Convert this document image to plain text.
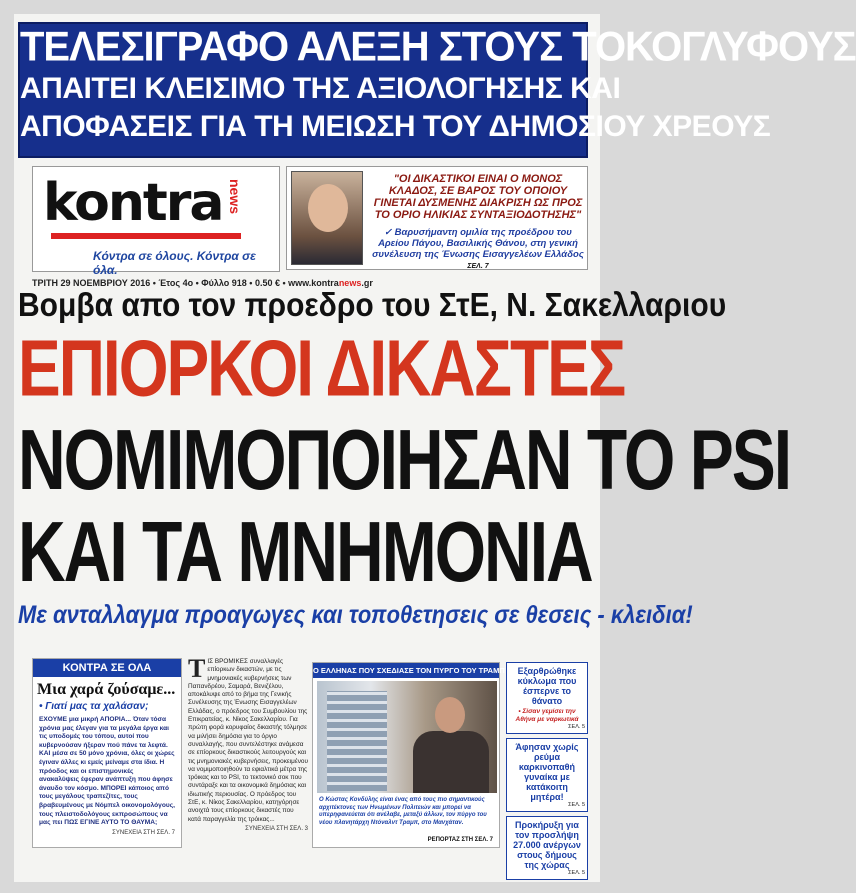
ΤΕΛΕΣΙΓΡΑΦΟ ΑΛΕΞΗ ΣΤΟΥΣ ΤΟΚΟΓΛΥΦΟΥΣ
ΑΠΑΙΤΕΙ ΚΛΕΙΣΙΜΟ ΤΗΣ ΑΞΙΟΛΟΓΗΣΗΣ ΚΑΙ
ΑΠΟΦΑΣΕΙΣ ΓΙΑ ΤΗ ΜΕΙΩΣΗ ΤΟΥ ΔΗΜΟΣΙΟΥ ΧΡΕΟΥΣ
kontra news
Κόντρα σε όλους. Κόντρα σε όλα.
"ΟΙ ΔΙΚΑΣΤΙΚΟΙ ΕΙΝΑΙ Ο ΜΟΝΟΣ ΚΛΑΔΟΣ, ΣΕ ΒΑΡΟΣ ΤΟΥ ΟΠΟΙΟΥ ΓΙΝΕΤΑΙ ΔΥΣΜΕΝΗΣ ΔΙΑΚΡΙΣΗ ΩΣ ΠΡΟΣ ΤΟ ΟΡΙΟ ΗΛΙΚΙΑΣ ΣΥΝΤΑΞΙΟΔΟΤΗΣΗΣ"
✓ Βαρυσήμαντη ομιλία της προέδρου του Αρείου Πάγου, Βασιλικής Θάνου, στη γενική συνέλευση της Ένωσης Εισαγγελέων Ελλάδος ΣΕΛ. 7
ΤΡΙΤΗ 29 ΝΟΕΜΒΡΙΟΥ 2016 • Έτος 4ο • Φύλλο 918 • 0.50 € • www.kontranews.gr
Βομβα απο τον προεδρο του ΣτΕ, Ν. Σακελλαριου
ΕΠΙΟΡΚΟΙ ΔΙΚΑΣΤΕΣ
ΝΟΜΙΜΟΠΟΙΗΣΑΝ ΤΟ PSI
ΚΑΙ ΤΑ ΜΝΗΜΟΝΙΑ
Με ανταλλαγμα προαγωγες και τοποθετησεις σε θεσεις - κλειδια!
ΚΟΝΤΡΑ ΣΕ ΟΛΑ
Μια χαρά ζούσαμε...
• Γιατί μας τα χαλάσαν;
ΕΧΟΥΜΕ μια μικρή ΑΠΟΡΙΑ... Όταν τόσα χρόνια μας έλεγαν για τα μεγάλα έργα και τις υποδομές του τόπου, αυτοί που κυβερνούσαν ήξεραν πού πάνε τα λεφτά. ΚΑΙ μέσα σε 50 μόνο χρόνια, όλες οι χώρες έγιναν άλλες κι εμείς μείναμε στα ίδια. Η πρόοδος και οι επιστημονικές ανακαλύψεις έφεραν ανάπτυξη που άφησε άναυδο τον κόσμο. ΜΠΟΡΕΙ κάποιος από τους μεγάλους τραπεζίτες, τους βραβευμένους με Νόμπελ οικονομολόγους, τους πλειστοδολόγους εκπροσώπους να μας πει ΠΩΣ ΕΓΙΝΕ ΑΥΤΟ ΤΟ ΘΑΥΜΑ;
ΣΥΝΕΧΕΙΑ ΣΤΗ ΣΕΛ. 7
ΤΙΣ ΒΡΟΜΙΚΕΣ συναλλαγές επίορκων δικαστών, με τις μνημονιακές κυβερνήσεις των Παπανδρέου, Σαμαρά, Βενιζέλου, αποκάλυψε από το βήμα της Γενικής Συνέλευσης της Ένωσης Εισαγγελέων Ελλάδας, ο πρόεδρος του Συμβουλίου της Επικρατείας, κ. Νίκος Σακελλαρίου. Για πρώτη φορά κορυφαίος δικαστής τόλμησε να μιλήσει δημόσια για το όργιο συναλλαγής, που συντελέστηκε ανάμεσα σε επίορκους δικαστικούς λειτουργούς και τις μνημονιακές κυβερνήσεις, προκειμένου να νομιμοποιηθούν τα εφιαλτικά μέτρα της τρόικας και το PSI, το τεκτονικό σοκ που συντάραξε και τα οικονομικά δημόσιας και ιδιωτικής περιουσίας. Ο πρόεδρος του ΣτΕ, κ. Νίκος Σακελλαρίου, κατηγόρησε ανοιχτά τους επίορκους δικαστές που κατά παραγγελία της τρόικας...
ΣΥΝΕΧΕΙΑ ΣΤΗ ΣΕΛ. 3
Ο ΕΛΛΗΝΑΣ ΠΟΥ ΣΧΕΔΙΑΣΕ ΤΟΝ ΠΥΡΓΟ ΤΟΥ ΤΡΑΜΠ
Ο Κώστας Κονδύλης είναι ένας από τους πιο σημαντικούς αρχιτέκτονες των Ηνωμένων Πολιτειών και μπορεί να υπερηφανεύεται ότι ανέλαβε, μεταξύ άλλων, τον πύργο του νέου πλανητάρχη Ντόναλντ Τραμπ, στο Μανχάταν.
ΡΕΠΟΡΤΑΖ ΣΤΗ ΣΕΛ. 7
Εξαρθρώθηκε κύκλωμα που έσπερνε το θάνατο
• Σίσαν γεμίσει την Αθήνα με ναρκωτικά
ΣΕΛ. 5
Άφησαν χωρίς ρεύμα καρκινοπαθή γυναίκα με κατάκοιτη μητέρα!
ΣΕΛ. 5
Προκήρυξη για τον προσλήψη 27.000 ανέργων στους δήμους της χώρας
ΣΕΛ. 5
